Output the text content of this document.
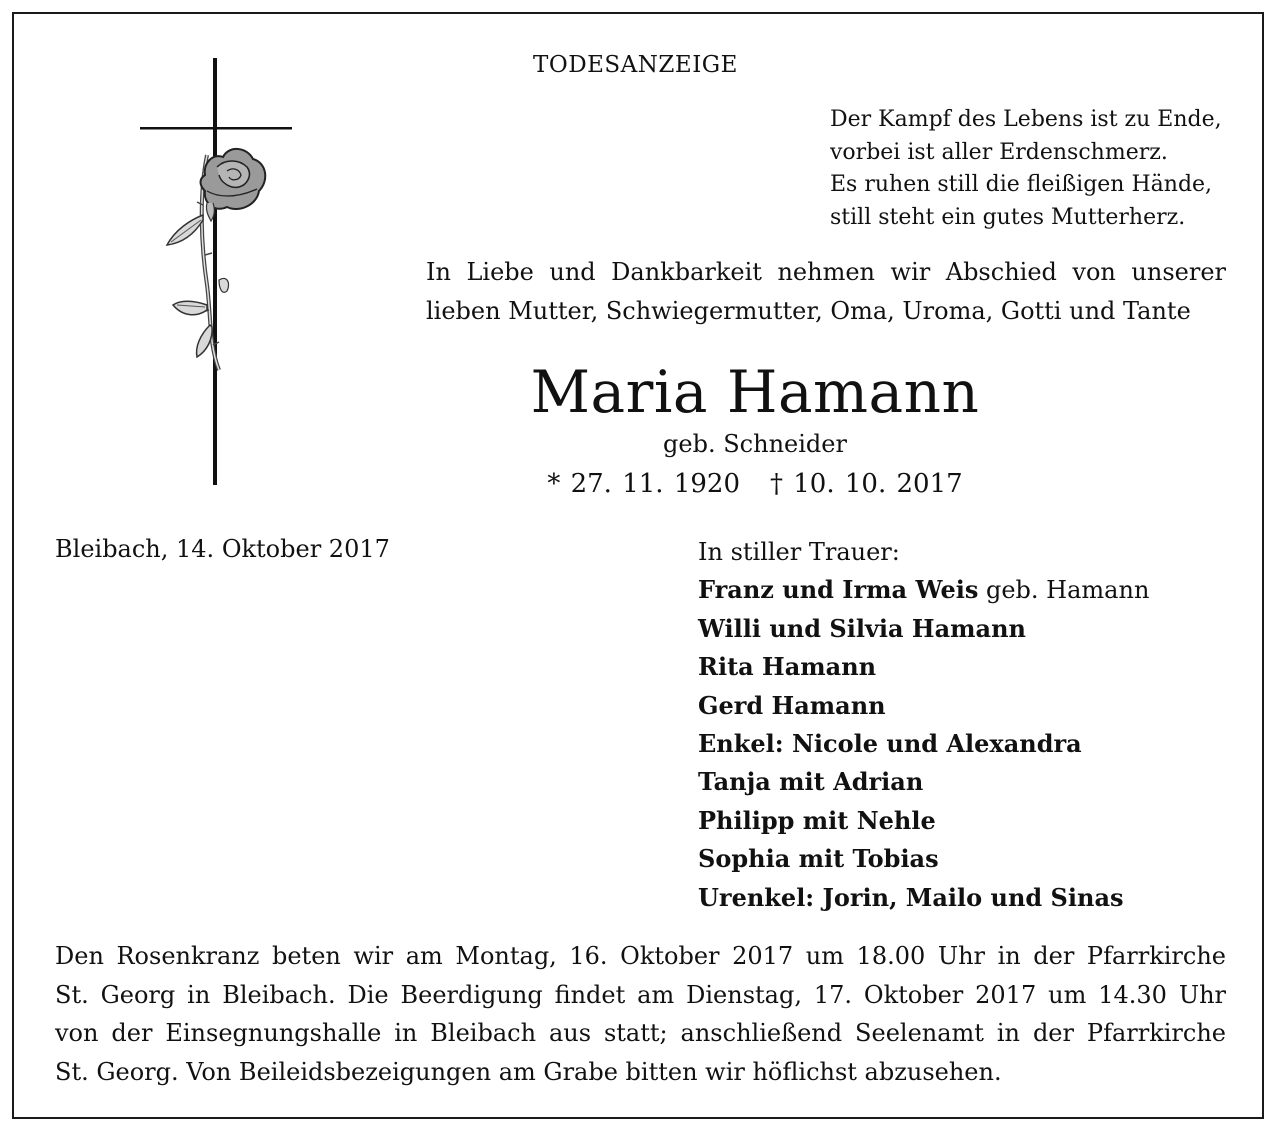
TODESANZEIGE
Der Kampf des Lebens ist zu Ende,
vorbei ist aller Erdenschmerz.
Es ruhen still die fleißigen Hände,
still steht ein gutes Mutterherz.
In Liebe und Dankbarkeit nehmen wir Abschied von unserer
lieben Mutter, Schwiegermutter, Oma, Uroma, Gotti und Tante
Maria Hamann
geb. Schneider
* 27. 11. 1920 † 10. 10. 2017
Bleibach, 14. Oktober 2017	In stiller Trauer:
Franz und Irma Weis geb. Hamann
Willi und Silvia Hamann
Rita Hamann
Gerd Hamann
Enkel: Nicole und Alexandra
Tanja mit Adrian
Philipp mit Nehle
Sophia mit Tobias
Urenkel: Jorin, Mailo und Sinas
Den Rosenkranz beten wir am Montag, 16. Oktober 2017 um 18.00 Uhr in der Pfarrkirche
St. Georg in Bleibach. Die Beerdigung findet am Dienstag, 17. Oktober 2017 um 14.30 Uhr
von der Einsegnungshalle in Bleibach aus statt; anschließend Seelenamt in der Pfarrkirche
St. Georg. Von Beileidsbezeigungen am Grabe bitten wir höflichst abzusehen.
